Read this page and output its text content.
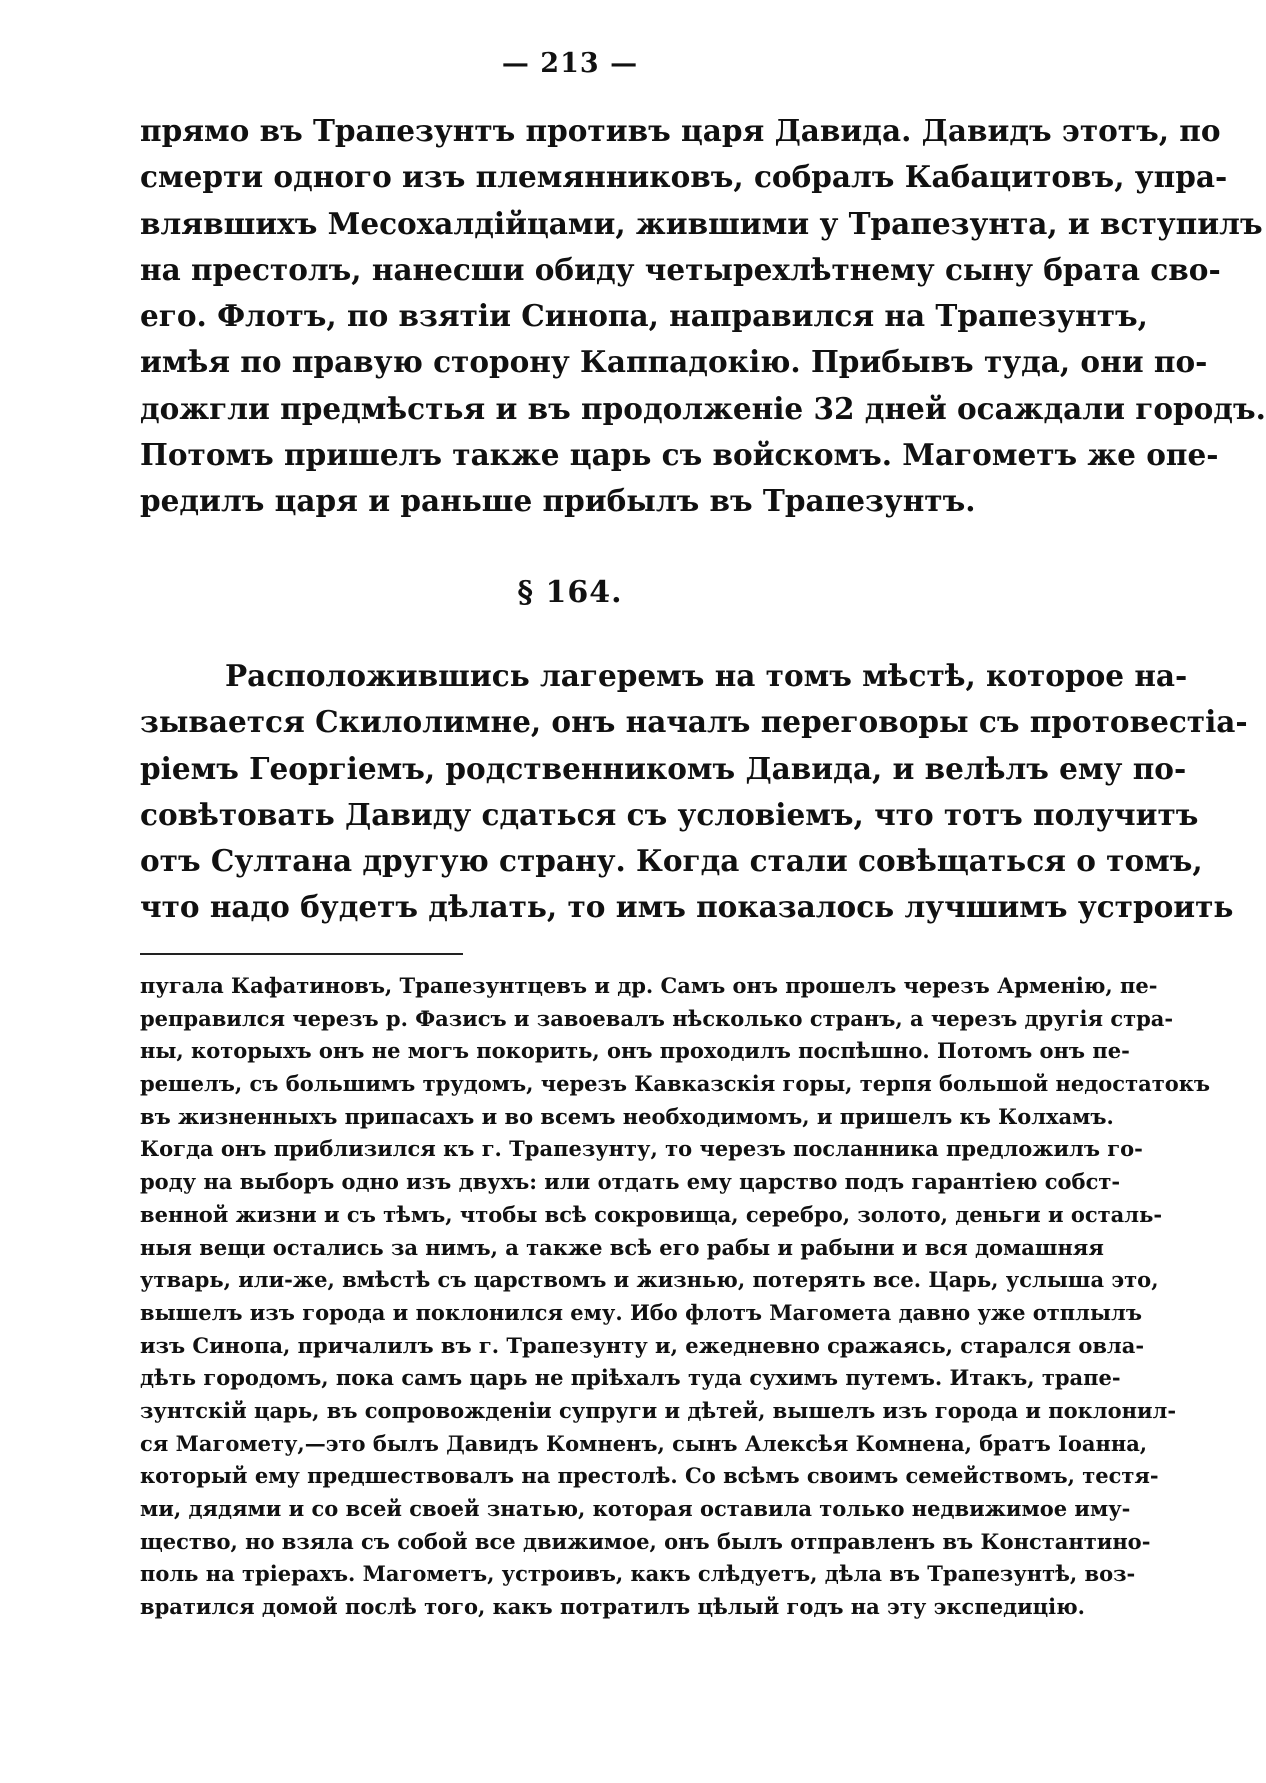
— 213 —
прямо въ Трапезунтъ противъ царя Давида. Давидъ этотъ, по
смерти одного изъ племянниковъ, собралъ Кабацитовъ, упра-
влявшихъ Месохалдійцами, жившими у Трапезунта, и вступилъ
на престолъ, нанесши обиду четырехлѣтнему сыну брата сво-
его. Флотъ, по взятіи Синопа, направился на Трапезунтъ,
имѣя по правую сторону Каппадокію. Прибывъ туда, они по-
дожгли предмѣстья и въ продолженіе 32 дней осаждали городъ.
Потомъ пришелъ также царь съ войскомъ. Магометъ же опе-
редилъ царя и раньше прибылъ въ Трапезунтъ.
§ 164.
Расположившись лагеремъ на томъ мѣстѣ, которое на-
зывается Скилолимне, онъ началъ переговоры съ протовестіа-
ріемъ Георгіемъ, родственникомъ Давида, и велѣлъ ему по-
совѣтовать Давиду сдаться съ условіемъ, что тотъ получитъ
отъ Султана другую страну. Когда стали совѣщаться о томъ,
что надо будетъ дѣлать, то имъ показалось лучшимъ устроить
пугала Кафатиновъ, Трапезунтцевъ и др. Самъ онъ прошелъ черезъ Арменію, пе-
реправился черезъ р. Фазисъ и завоевалъ нѣсколько странъ, а черезъ другія стра-
ны, которыхъ онъ не могъ покорить, онъ проходилъ поспѣшно. Потомъ онъ пе-
решелъ, съ большимъ трудомъ, черезъ Кавказскія горы, терпя большой недостатокъ
въ жизненныхъ припасахъ и во всемъ необходимомъ, и пришелъ къ Колхамъ.
Когда онъ приблизился къ г. Трапезунту, то черезъ посланника предложилъ го-
роду на выборъ одно изъ двухъ: или отдать ему царство подъ гарантіею собст-
венной жизни и съ тѣмъ, чтобы всѣ сокровища, серебро, золото, деньги и осталь-
ныя вещи остались за нимъ, а также всѣ его рабы и рабыни и вся домашняя
утварь, или-же, вмѣстѣ съ царствомъ и жизнью, потерять все. Царь, услыша это,
вышелъ изъ города и поклонился ему. Ибо флотъ Магомета давно уже отплылъ
изъ Синопа, причалилъ въ г. Трапезунту и, ежедневно сражаясь, старался овла-
дѣть городомъ, пока самъ царь не пріѣхалъ туда сухимъ путемъ. Итакъ, трапе-
зунтскій царь, въ сопровожденіи супруги и дѣтей, вышелъ изъ города и поклонил-
ся Магомету,—это былъ Давидъ Комненъ, сынъ Алексѣя Комнена, братъ Іоанна,
который ему предшествовалъ на престолѣ. Со всѣмъ своимъ семействомъ, тестя-
ми, дядями и со всей своей знатью, которая оставила только недвижимое иму-
щество, но взяла съ собой все движимое, онъ былъ отправленъ въ Константино-
поль на тріерахъ. Магометъ, устроивъ, какъ слѣдуетъ, дѣла въ Трапезунтѣ, воз-
вратился домой послѣ того, какъ потратилъ цѣлый годъ на эту экспедицію.
